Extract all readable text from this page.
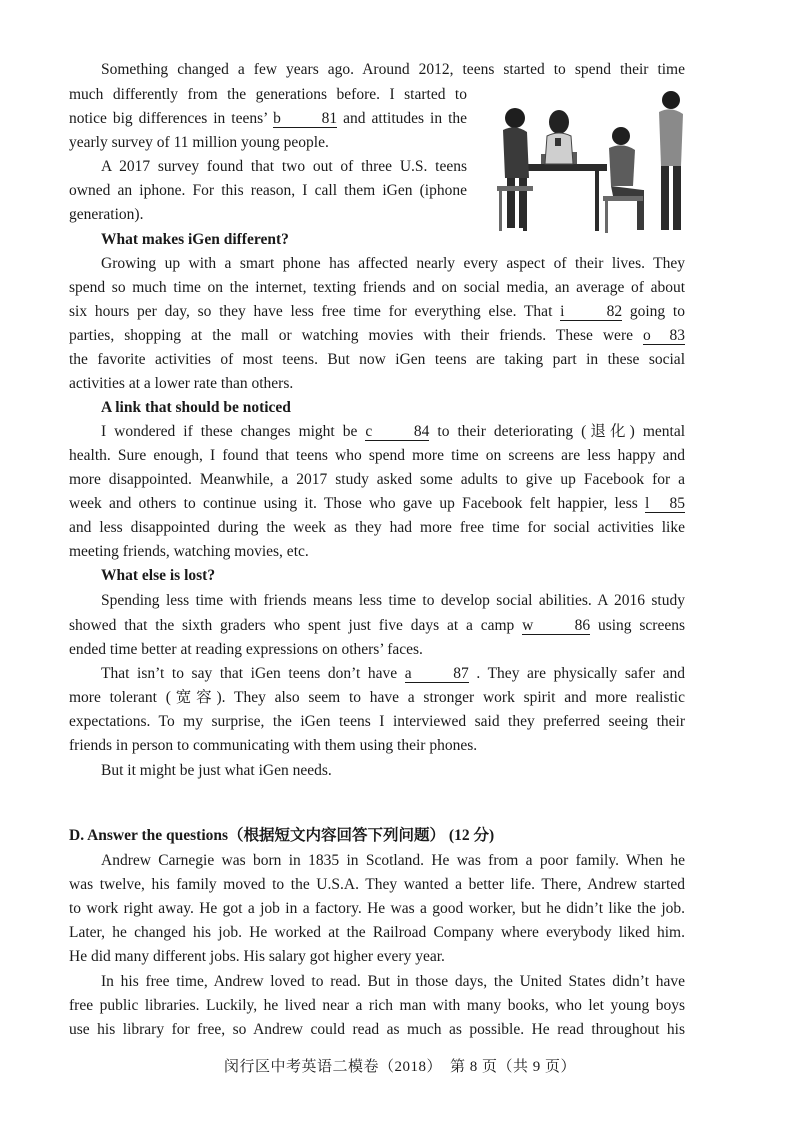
Something changed a few years ago. Around 2012, teens started to spend their time
much differently from the generations before. I started to
notice big differences in teens’ b 81 and attitudes in the
yearly survey of 11 million young people.
A 2017 survey found that two out of three U.S. teens
owned an iphone. For this reason, I call them iGen (iphone
generation).
What makes iGen different?
Growing up with a smart phone has affected nearly every aspect of their lives. They
spend so much time on the internet, texting friends and on social media, an average of about
six hours per day, so they have less free time for everything else. That i 82 going to
parties, shopping at the mall or watching movies with their friends. These were o 83
the favorite activities of most teens. But now iGen teens are taking part in these social
activities at a lower rate than others.
A link that should be noticed
I wondered if these changes might be c 84 to their deteriorating (退化) mental
health. Sure enough, I found that teens who spend more time on screens are less happy and
more disappointed. Meanwhile, a 2017 study asked some adults to give up Facebook for a
week and others to continue using it. Those who gave up Facebook felt happier, less l 85
and less disappointed during the week as they had more free time for social activities like
meeting friends, watching movies, etc.
What else is lost?
Spending less time with friends means less time to develop social abilities. A 2016 study
showed that the sixth graders who spent just five days at a camp w 86 using screens
ended time better at reading expressions on others’ faces.
That isn’t to say that iGen teens don’t have a 87 . They are physically safer and
more tolerant (宽容). They also seem to have a stronger work spirit and more realistic
expectations. To my surprise, the iGen teens I interviewed said they preferred seeing their
friends in person to communicating with them using their phones.
But it might be just what iGen needs.
D. Answer the questions（根据短文内容回答下列问题） (12 分)
Andrew Carnegie was born in 1835 in Scotland. He was from a poor family. When he
was twelve, his family moved to the U.S.A. They wanted a better life. There, Andrew started
to work right away. He got a job in a factory. He was a good worker, but he didn’t like the job.
Later, he changed his job. He worked at the Railroad Company where everybody liked him.
He did many different jobs. His salary got higher every year.
In his free time, Andrew loved to read. But in those days, the United States didn’t have
free public libraries. Luckily, he lived near a rich man with many books, who let young boys
use his library for free, so Andrew could read as much as possible. He read throughout his
闵行区中考英语二模卷（2018）　第 8 页（共 9 页）
